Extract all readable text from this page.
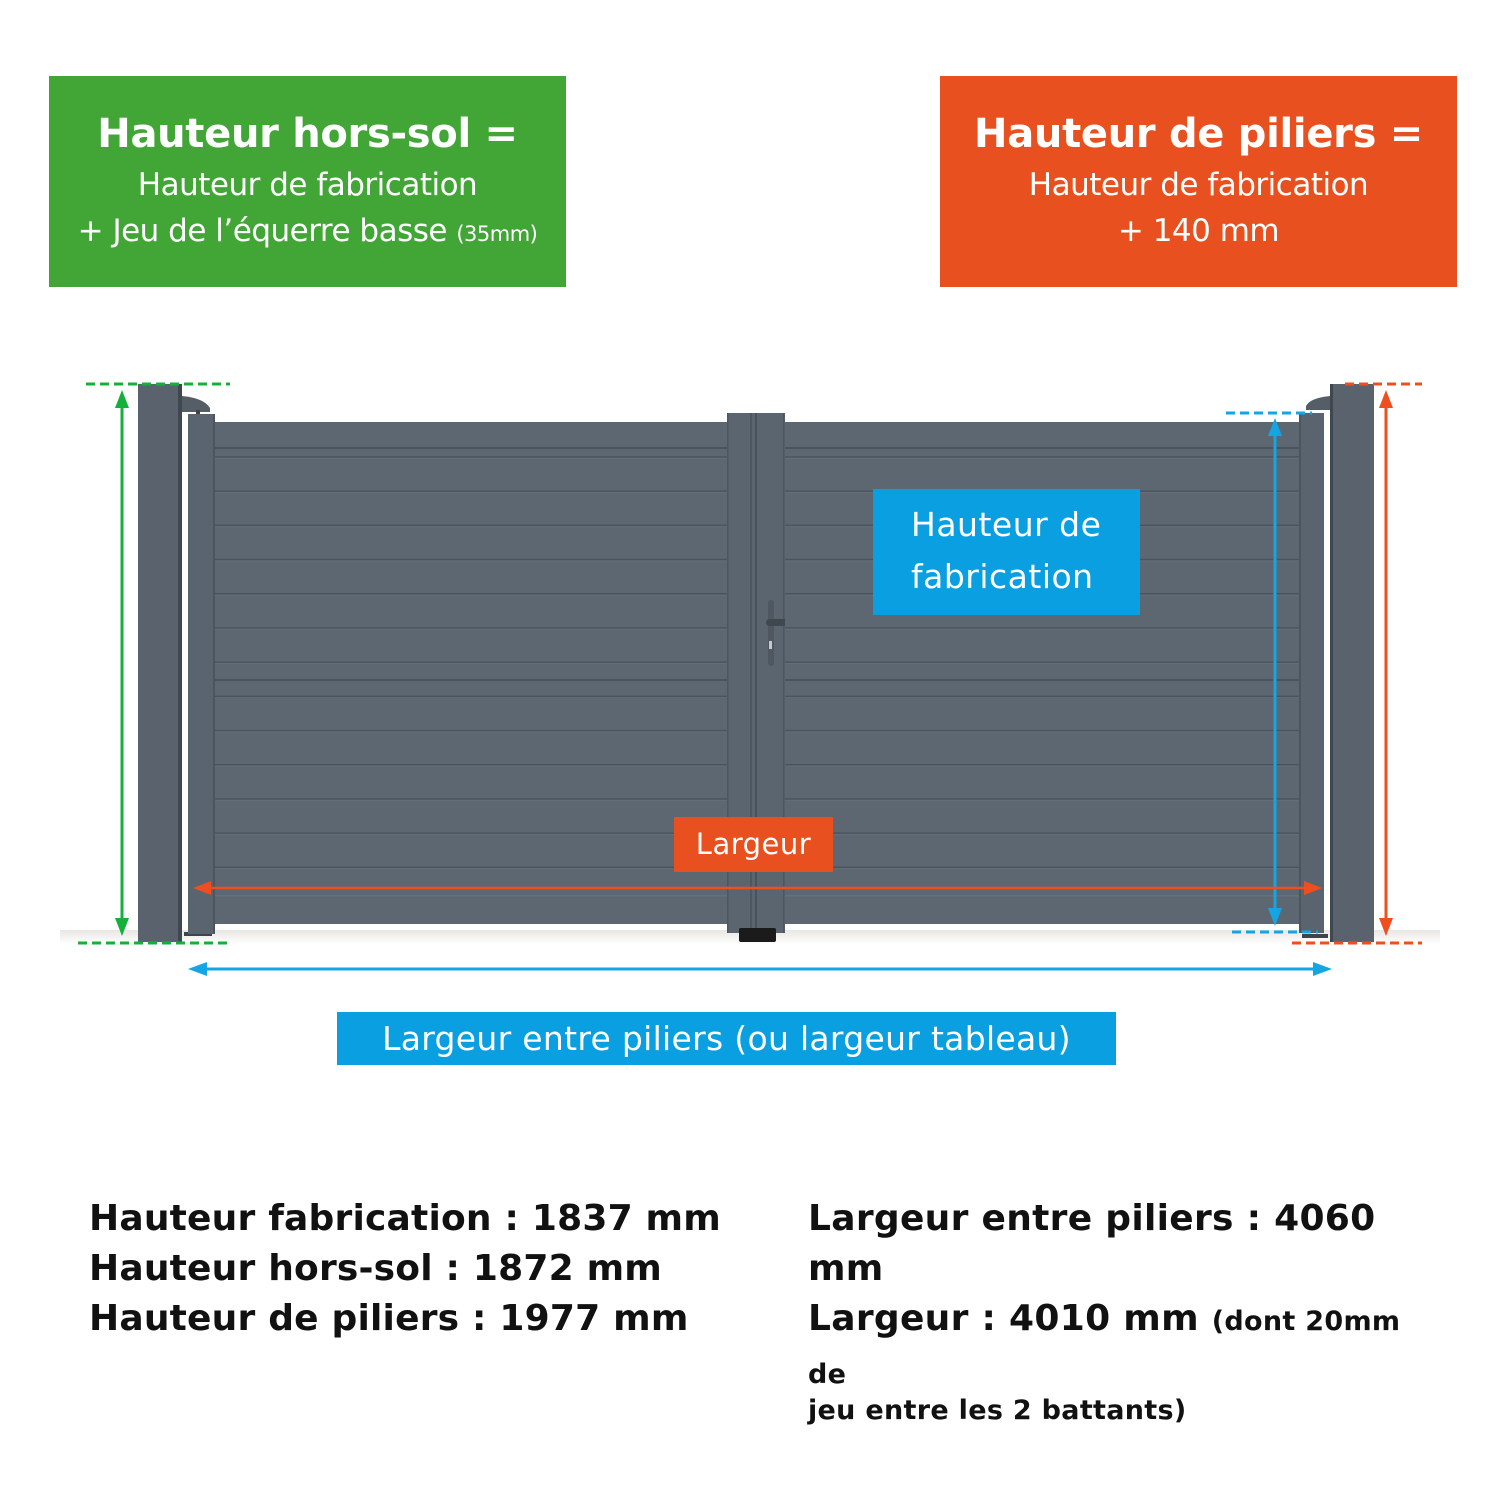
Hauteur hors-sol =
Hauteur de fabrication
+ Jeu de l’équerre basse (35mm)
Hauteur de piliers =
Hauteur de fabrication
+ 140 mm
Hauteur de
fabrication
Largeur
Largeur entre piliers (ou largeur tableau)
Hauteur fabrication : 1837 mm
Hauteur hors-sol : 1872 mm
Hauteur de piliers : 1977 mm
Largeur entre piliers : 4060 mm
Largeur : 4010 mm (dont 20mm de
jeu entre les 2 battants)
